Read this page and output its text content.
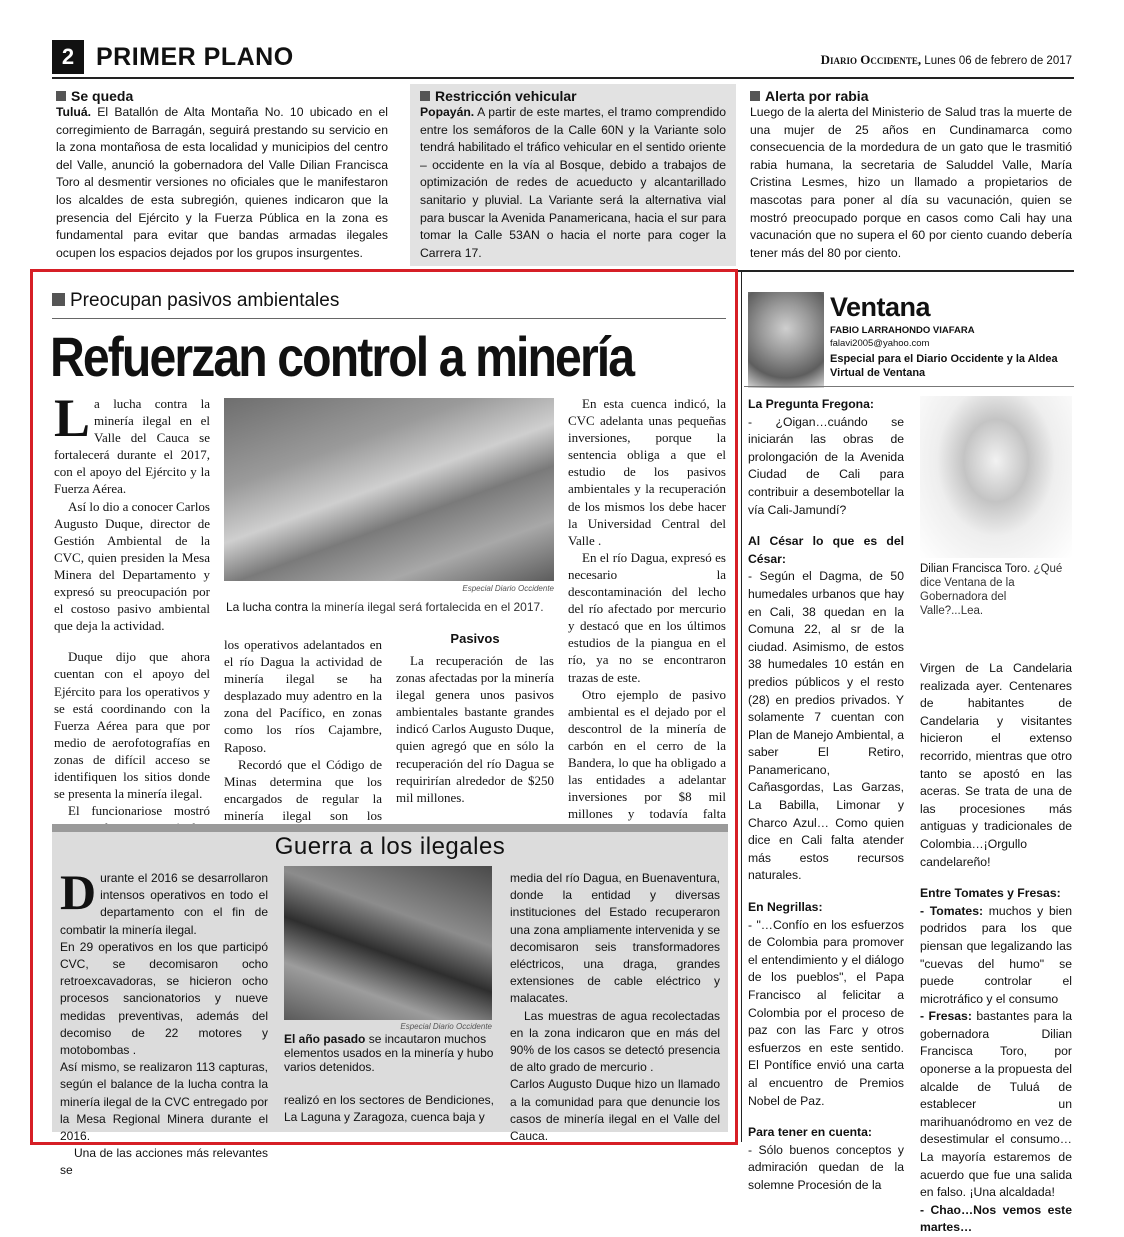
2 PRIMER PLANO	Diario Occidente, Lunes 06 de febrero de 2017
Se queda
Tuluá. El Batallón de Alta Montaña No. 10 ubicado en el corregimiento de Barragán, seguirá prestando su servicio en la zona montañosa de esta localidad y municipios del centro del Valle, anunció la gobernadora del Valle Dilian Francisca Toro al desmentir versiones no oficiales que le manifestaron los alcaldes de esta subregión, quienes indicaron que la presencia del Ejército y la Fuerza Pública en la zona es fundamental para evitar que bandas armadas ilegales ocupen los espacios dejados por los grupos insurgentes.
Restricción vehicular
Popayán. A partir de este martes, el tramo comprendido entre los semáforos de la Calle 60N y la Variante solo tendrá habilitado el tráfico vehicular en el sentido oriente – occidente en la vía al Bosque, debido a trabajos de optimización de redes de acueducto y alcantarillado sanitario y pluvial. La Variante será la alternativa vial para buscar la Avenida Panamericana, hacia el sur para tomar la Calle 53AN o hacia el norte para coger la Carrera 17.
Alerta por rabia
Luego de la alerta del Ministerio de Salud tras la muerte de una mujer de 25 años en Cundinamarca como consecuencia de la mordedura de un gato que le trasmitió rabia humana, la secretaria de Saluddel Valle, María Cristina Lesmes, hizo un llamado a propietarios de mascotas para poner al día su vacunación, quien se mostró preocupado porque en casos como Cali hay una vacunación que no supera el 60 por ciento cuando debería tener más del 80 por ciento.
Preocupan pasivos ambientales
Refuerzan control a minería
La lucha contra la minería ilegal en el Valle del Cauca se fortalecerá durante el 2017, con el apoyo del Ejército y la Fuerza Aérea.
Así lo dio a conocer Carlos Augusto Duque, director de Gestión Ambiental de la CVC, quien presiden la Mesa Minera del Departamento y expresó su preocupación por el costoso pasivo ambiental que deja la actividad.
Duque dijo que ahora cuentan con el apoyo del Ejército para los operativos y se está coordinando con la Fuerza Aérea para que por medio de aerofotografías en zonas de difícil acceso se identifiquen los sitios donde se presenta la minería ilegal.
El funcionariose mostró
Especial Diario Occidente
La lucha contra la minería ilegal será fortalecida en el 2017.
los operativos adelantados en el río Dagua la actividad de minería ilegal se ha desplazado muy adentro en la zona del Pacífico, en zonas como los ríos Cajambre, Raposo.
Recordó que el Código de Minas determina que los encargados de regular la minería ilegal son los
Pasivos
La recuperación de las zonas afectadas por la minería ilegal genera unos pasivos ambientales bastante grandes indicó Carlos Augusto Duque, quien agregó que en sólo la recuperación del río Dagua se requirirían alrededor de $250 mil millones.
En esta cuenca indicó, la CVC adelanta unas pequeñas inversiones, porque la sentencia obliga a que el estudio de los pasivos ambientales y la recuperación de los mismos los debe hacer la Universidad Central del Valle .
En el río Dagua, expresó es necesario la descontaminación del lecho del río afectado por mercurio y destacó que en los últimos estudios de la piangua en el río, ya no se encontraron trazas de este.
Otro ejemplo de pasivo ambiental es el dejado por el descontrol de la minería de carbón en el cerro de la Bandera, lo que ha obligado a las entidades a adelantar inversiones por $8 mil millones y todavía falta
Guerra a los ilegales
Durante el 2016 se desarrollaron intensos operativos en todo el departamento con el fin de combatir la minería ilegal.
En 29 operativos en los que participó CVC, se decomisaron ocho retroexcavadoras, se hicieron ocho procesos sancionatorios y nueve medidas preventivas, además del decomiso de 22 motores y motobombas .
Así mismo, se realizaron 113 capturas, según el balance de la lucha contra la minería ilegal de la CVC entregado por la Mesa Regional Minera durante el 2016.
Una de las acciones más relevantes se
Especial Diario Occidente
El año pasado se incautaron muchos elementos usados en la minería y hubo varios detenidos.
realizó en los sectores de Bendiciones, La Laguna y Zaragoza, cuenca baja y
media del río Dagua, en Buenaventura, donde la entidad y diversas instituciones del Estado recuperaron una zona ampliamente intervenida y se decomisaron seis transformadores eléctricos, una draga, grandes extensiones de cable eléctrico y malacates.
Las muestras de agua recolectadas en la zona indicaron que en más del 90% de los casos se detectó presencia de alto grado de mercurio .
Carlos Augusto Duque hizo un llamado a la comunidad para que denuncie los casos de minería ilegal en el Valle del Cauca.
Ventana
FABIO LARRAHONDO VIAFARA
falavi2005@yahoo.com
Especial para el Diario Occidente y la Aldea Virtual de Ventana
La Pregunta Fregona:
- ¿Oigan…cuándo se iniciarán las obras de prolongación de la Avenida Ciudad de Cali para contribuir a desembotellar la vía Cali-Jamundí?
Al César lo que es del César:
- Según el Dagma, de 50 humedales urbanos que hay en Cali, 38 quedan en la Comuna 22, al sr de la ciudad. Asimismo, de estos 38 humedales 10 están en predios públicos y el resto (28) en predios privados. Y solamente 7 cuentan con Plan de Manejo Ambiental, a saber El Retiro, Panamericano, Cañasgordas, Las Garzas, La Babilla, Limonar y Charco Azul… Como quien dice en Cali falta atender más estos recursos naturales.
En Negrillas:
- "…Confío en los esfuerzos de Colombia para promover el entendimiento y el diálogo de los pueblos", el Papa Francisco al felicitar a Colombia por el proceso de paz con las Farc y otros esfuerzos en este sentido. El Pontífice envió una carta al encuentro de Premios Nobel de Paz.
Para tener en cuenta:
- Sólo buenos conceptos y admiración quedan de la solemne Procesión de la
Dilian Francisca Toro. ¿Qué dice Ventana de la Gobernadora del Valle?...Lea.
Virgen de La Candelaria realizada ayer. Centenares de habitantes de Candelaria y visitantes hicieron el extenso recorrido, mientras que otro tanto se apostó en las aceras. Se trata de una de las procesiones más antiguas y tradicionales de Colombia…¡Orgullo candelareño!
Entre Tomates y Fresas:
- Tomates: muchos y bien podridos para los que piensan que legalizando las "cuevas del humo" se puede controlar el microtráfico y el consumo
- Fresas: bastantes para la gobernadora Dilian Francisca Toro, por oponerse a la propuesta del alcalde de Tuluá de establecer un marihuanódromo en vez de desestimular el consumo…La mayoría estaremos de acuerdo que fue una salida en falso. ¡Una alcaldada!
- Chao…Nos vemos este martes…
